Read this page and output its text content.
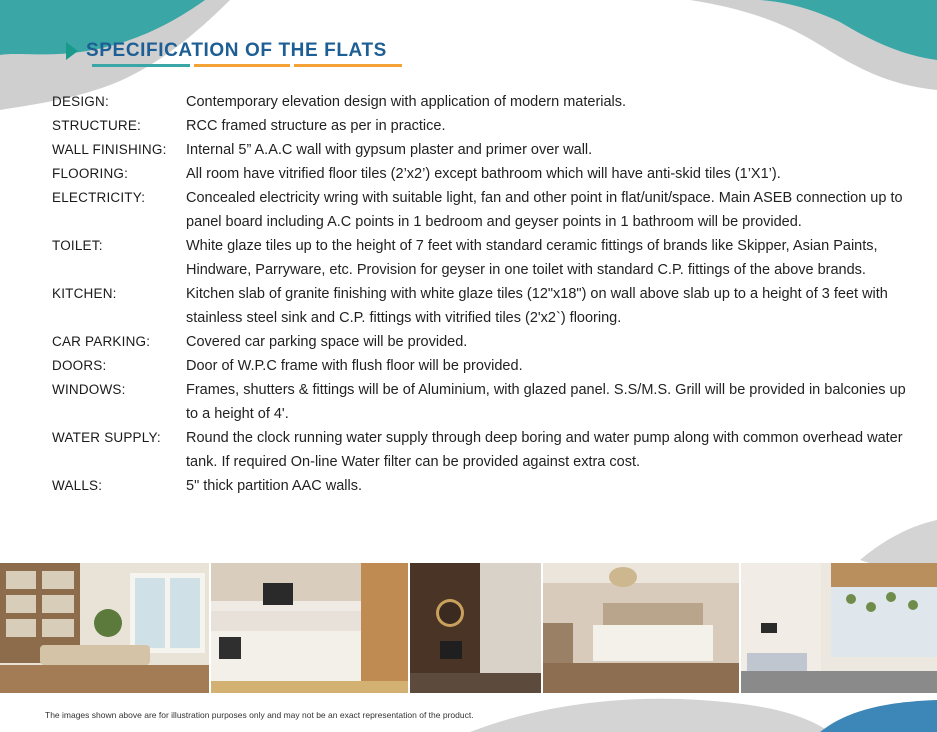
SPECIFICATION OF THE FLATS
DESIGN:	Contemporary elevation design with application of modern materials.
STRUCTURE:	RCC framed structure as per in practice.
WALL FINISHING:	Internal 5” A.A.C wall with gypsum plaster and primer over wall.
FLOORING:	All room have vitrified floor tiles (2’x2’) except bathroom which will have anti-skid tiles (1’X1’).
ELECTRICITY:	Concealed electricity wring with suitable light, fan and other point in flat/unit/space. Main ASEB connection up to panel board including A.C points in 1 bedroom and geyser points in 1 bathroom will be provided.
TOILET:	White glaze tiles up to the height of 7 feet with standard ceramic fittings of brands like Skipper, Asian Paints, Hindware, Parryware, etc. Provision for geyser in one toilet with standard C.P. fittings of the above brands.
KITCHEN:	Kitchen slab of granite finishing with white glaze tiles (12"x18") on wall above slab up to a height of 3 feet with stainless steel sink and C.P. fittings with vitrified tiles (2'x2`) flooring.
CAR PARKING:	Covered car parking space will be provided.
DOORS:	Door of W.P.C frame with flush floor will be provided.
WINDOWS:	Frames, shutters & fittings will be of Aluminium, with glazed panel. S.S/M.S. Grill will be provided in balconies up to a height of 4'.
WATER SUPPLY:	Round the clock running water supply through deep boring and water pump along with common overhead water tank. If required On-line Water filter can be provided against extra cost.
WALLS:	5" thick partition AAC walls.
The images shown above are for illustration purposes only and may not be an exact representation of the product.
